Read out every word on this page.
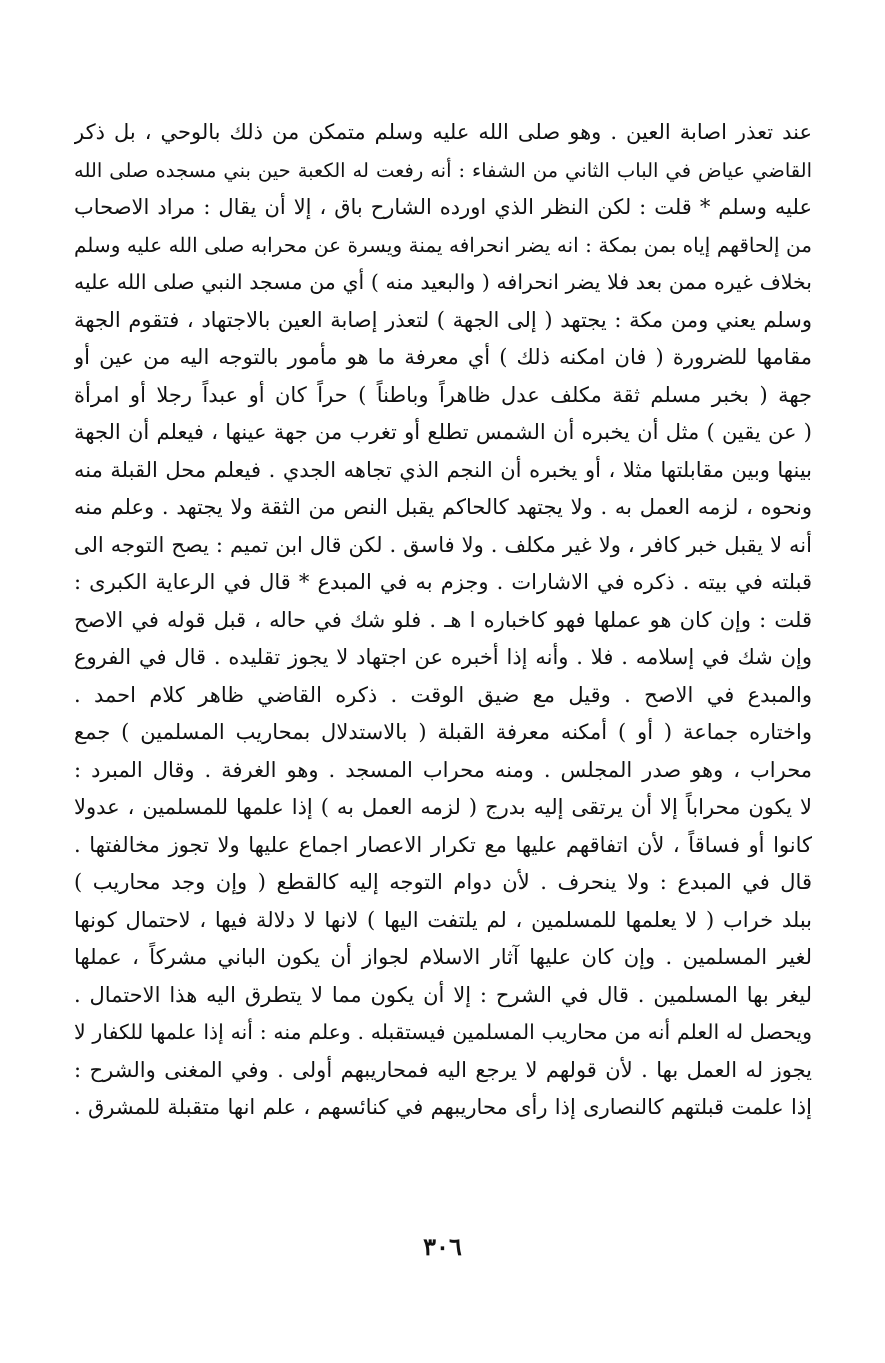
عند تعذر اصابة العين . وهو صلى الله عليه وسلم متمكن من ذلك بالوحي ، بل ذكر
القاضي عياض في الباب الثاني من الشفاء : أنه رفعت له الكعبة حين بني مسجده صلى الله
عليه وسلم * قلت : لكن النظر الذي اورده الشارح باق ، إلا أن يقال : مراد الاصحاب
من إلحاقهم إياه بمن بمكة : انه يضر انحرافه يمنة ويسرة عن محرابه صلى الله عليه وسلم
بخلاف غيره ممن بعد فلا يضر انحرافه ( والبعيد منه ) أي من مسجد النبي صلى الله عليه
وسلم يعني ومن مكة : يجتهد ( إلى الجهة ) لتعذر إصابة العين بالاجتهاد ، فتقوم الجهة
مقامها للضرورة ( فان امكنه ذلك ) أي معرفة ما هو مأمور بالتوجه اليه من عين أو
جهة ( بخبر مسلم ثقة مكلف عدل ظاهراً وباطناً ) حراً كان أو عبداً رجلا أو امرأة
( عن يقين ) مثل أن يخبره أن الشمس تطلع أو تغرب من جهة عينها ، فيعلم أن الجهة
بينها وبين مقابلتها مثلا ، أو يخبره أن النجم الذي تجاهه الجدي . فيعلم محل القبلة منه
ونحوه ، لزمه العمل به . ولا يجتهد كالحاكم يقبل النص من الثقة ولا يجتهد . وعلم منه
أنه لا يقبل خبر كافر ، ولا غير مكلف . ولا فاسق . لكن قال ابن تميم : يصح التوجه الى
قبلته في بيته . ذكره في الاشارات . وجزم به في المبدع * قال في الرعاية الكبرى :
قلت : وإن كان هو عملها فهو كاخباره ا هـ . فلو شك في حاله ، قبل قوله في الاصح
وإن شك في إسلامه . فلا . وأنه إذا أخبره عن اجتهاد لا يجوز تقليده . قال في الفروع
والمبدع في الاصح . وقيل مع ضيق الوقت . ذكره القاضي ظاهر كلام احمد .
واختاره جماعة ( أو ) أمكنه معرفة القبلة ( بالاستدلال بمحاريب المسلمين ) جمع
محراب ، وهو صدر المجلس . ومنه محراب المسجد . وهو الغرفة . وقال المبرد :
لا يكون محراباً إلا أن يرتقى إليه بدرج ( لزمه العمل به ) إذا علمها للمسلمين ، عدولا
كانوا أو فساقاً ، لأن اتفاقهم عليها مع تكرار الاعصار اجماع عليها ولا تجوز مخالفتها .
قال في المبدع : ولا ينحرف . لأن دوام التوجه إليه كالقطع ( وإن وجد محاريب )
ببلد خراب ( لا يعلمها للمسلمين ، لم يلتفت اليها ) لانها لا دلالة فيها ، لاحتمال كونها
لغير المسلمين . وإن كان عليها آثار الاسلام لجواز أن يكون الباني مشركاً ، عملها
ليغر بها المسلمين . قال في الشرح : إلا أن يكون مما لا يتطرق اليه هذا الاحتمال .
ويحصل له العلم أنه من محاريب المسلمين فيستقبله . وعلم منه : أنه إذا علمها للكفار لا
يجوز له العمل بها . لأن قولهم لا يرجع اليه فمحاريبهم أولى . وفي المغنى والشرح :
إذا علمت قبلتهم كالنصارى إذا رأى محاريبهم في كنائسهم ، علم انها متقبلة للمشرق .
٣٠٦
